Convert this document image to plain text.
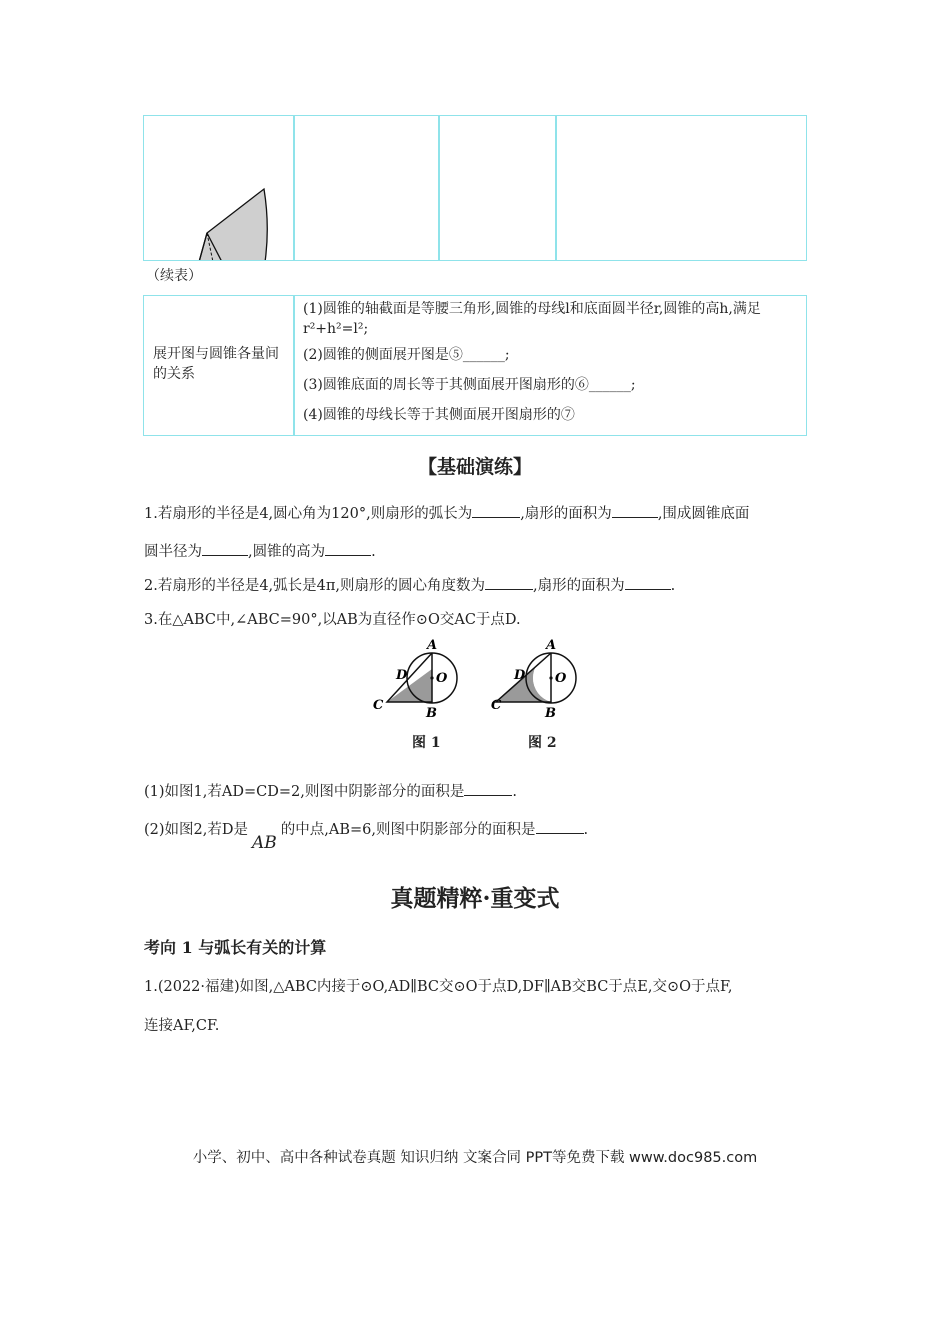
（续表）
展开图与圆锥各量间的关系
(1)圆锥的轴截面是等腰三角形,圆锥的母线l和底面圆半径r,圆锥的高h,满足r²+h²=l²;
(2)圆锥的侧面展开图是⑤______;
(3)圆锥底面的周长等于其侧面展开图扇形的⑥______;
(4)圆锥的母线长等于其侧面展开图扇形的⑦
【基础演练】
1.若扇形的半径是4,圆心角为120°,则扇形的弧长为	,扇形的面积为	,围成圆锥底面
圆半径为	,圆锥的高为	.
2.若扇形的半径是4,弧长是4π,则扇形的圆心角度数为	,扇形的面积为	.
3.在△ABC中,∠ABC=90°,以AB为直径作⊙O交AC于点D.
A
D O
C
B
A
D O
C
B
图 1	图 2
(1)如图1,若AD=CD=2,则图中阴影部分的面积是	.
(2)如图2,若D是AB的中点,AB=6,则图中阴影部分的面积是	.
真题精粹·重变式
考向 1 与弧长有关的计算
1.(2022·福建)如图,△ABC内接于⊙O,AD∥BC交⊙O于点D,DF∥AB交BC于点E,交⊙O于点F,
连接AF,CF.
小学、初中、高中各种试卷真题 知识归纳 文案合同 PPT等免费下载 www.doc985.com
